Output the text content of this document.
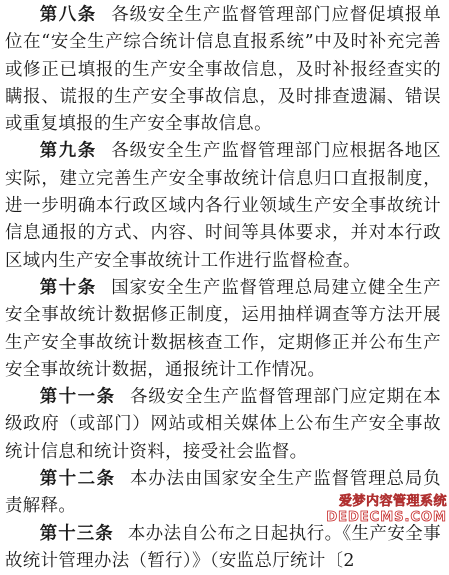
第八条 各级安全生产监督管理部门应督促填报单位在“安全生产综合统计信息直报系统”中及时补充完善或修正已填报的生产安全事故信息，及时补报经查实的瞒报、谎报的生产安全事故信息，及时排查遗漏、错误或重复填报的生产安全事故信息。

第九条 各级安全生产监督管理部门应根据各地区实际，建立完善生产安全事故统计信息归口直报制度，进一步明确本行政区域内各行业领域生产安全事故统计信息通报的方式、内容、时间等具体要求，并对本行政区域内生产安全事故统计工作进行监督检查。

第十条 国家安全生产监督管理总局建立健全生产安全事故统计数据修正制度，运用抽样调查等方法开展生产安全事故统计数据核查工作，定期修正并公布生产安全事故统计数据，通报统计工作情况。

第十一条 各级安全生产监督管理部门应定期在本级政府（或部门）网站或相关媒体上公布生产安全事故统计信息和统计资料，接受社会监督。

第十二条 本办法由国家安全生产监督管理总局负责解释。

第十三条 本办法自公布之日起执行。《生产安全事故统计管理办法（暂行）》（安监总厅统计〔2

爱梦内容管理系统
DEDECMS.COM
